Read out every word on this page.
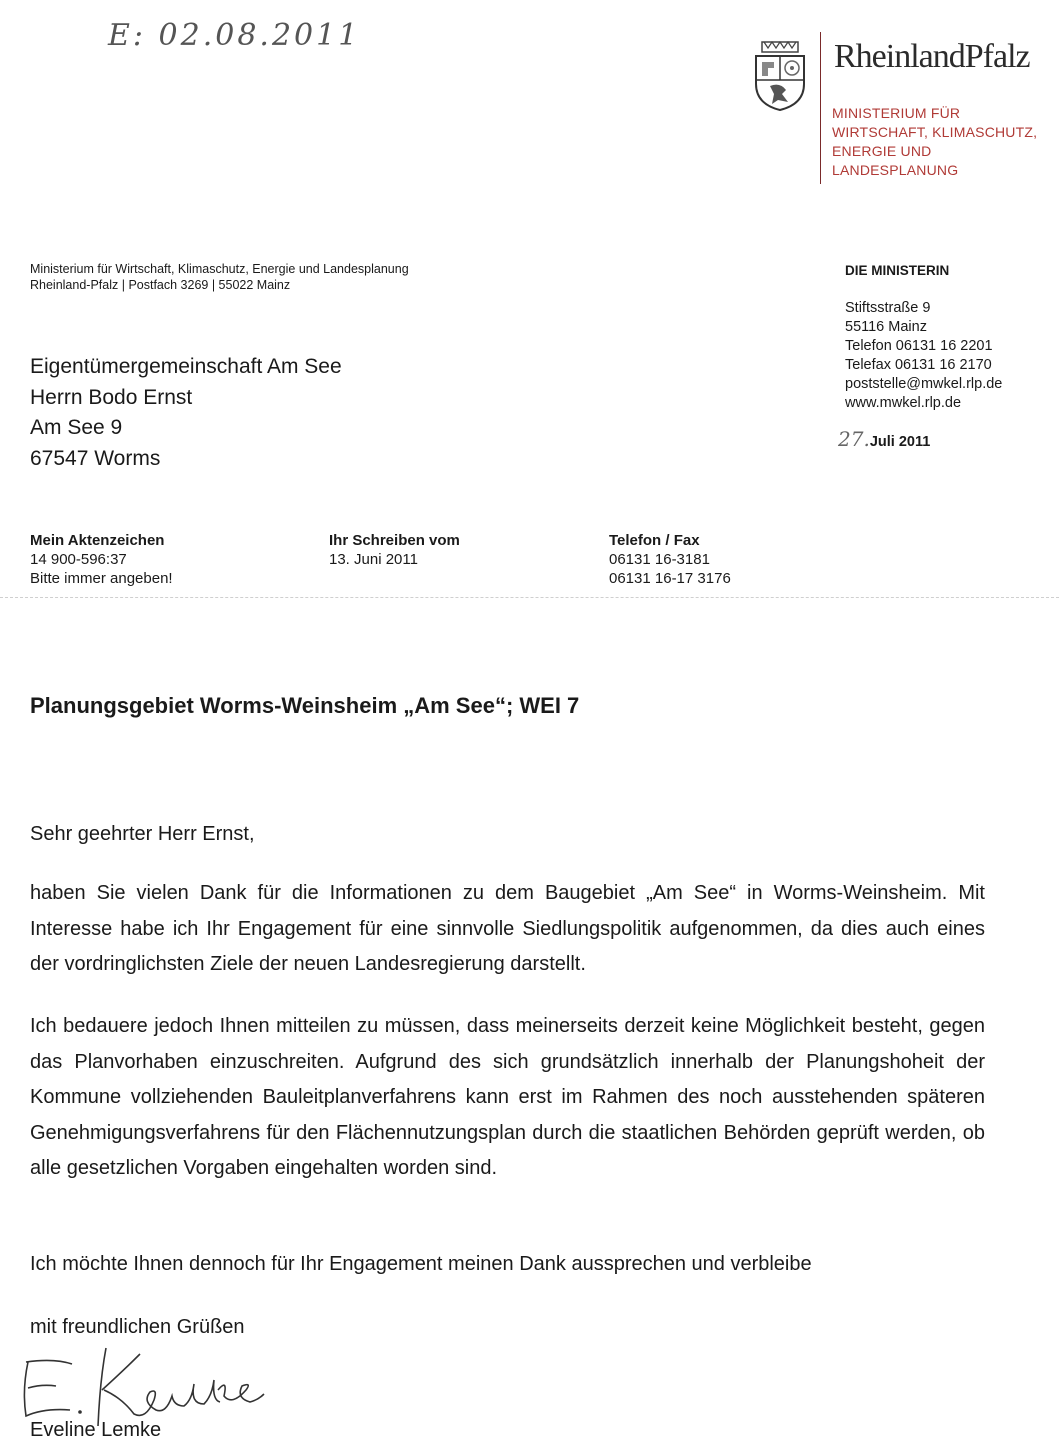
E: 02.08.2011
RheinlandPfalz
MINISTERIUM FÜR
WIRTSCHAFT, KLIMASCHUTZ,
ENERGIE UND
LANDESPLANUNG
Ministerium für Wirtschaft, Klimaschutz, Energie und Landesplanung
Rheinland-Pfalz | Postfach 3269 | 55022 Mainz
Eigentümergemeinschaft Am See
Herrn Bodo Ernst
Am See 9
67547 Worms
DIE MINISTERIN
Stiftsstraße 9
55116 Mainz
Telefon 06131 16 2201
Telefax 06131 16 2170
poststelle@mwkel.rlp.de
www.mwkel.rlp.de
27.Juli 2011
Mein Aktenzeichen
14 900-596:37
Bitte immer angeben!
Ihr Schreiben vom
13. Juni 2011
Telefon / Fax
06131 16-3181
06131 16-17 3176
Planungsgebiet Worms-Weinsheim „Am See“; WEI 7
Sehr geehrter Herr Ernst,
haben Sie vielen Dank für die Informationen zu dem Baugebiet „Am See“ in Worms-Weinsheim. Mit Interesse habe ich Ihr Engagement für eine sinnvolle Siedlungspolitik aufgenommen, da dies auch eines der vordringlichsten Ziele der neuen Landesregierung darstellt.
Ich bedauere jedoch Ihnen mitteilen zu müssen, dass meinerseits derzeit keine Möglichkeit besteht, gegen das Planvorhaben einzuschreiten. Aufgrund des sich grundsätzlich innerhalb der Planungshoheit der Kommune vollziehenden Bauleitplanverfahrens kann erst im Rahmen des noch ausstehenden späteren Genehmigungsverfahrens für den Flächennutzungsplan durch die staatlichen Behörden geprüft werden, ob alle gesetzlichen Vorgaben eingehalten worden sind.
Ich möchte Ihnen dennoch für Ihr Engagement meinen Dank aussprechen und verbleibe
mit freundlichen Grüßen
Eveline Lemke
